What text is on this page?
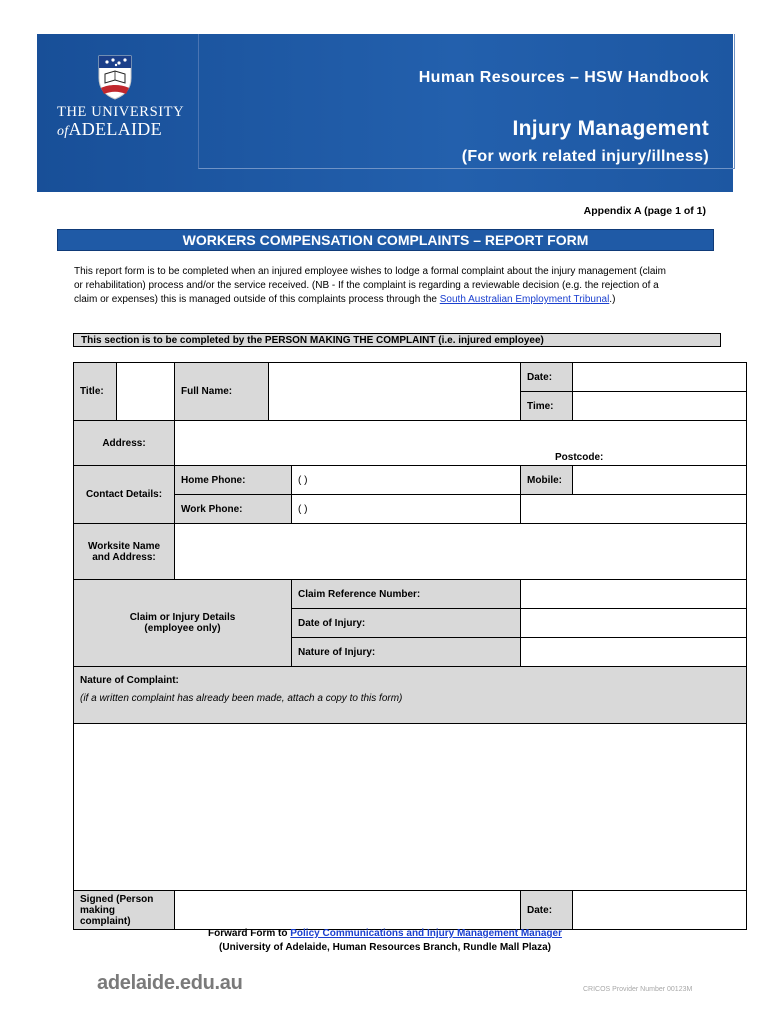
THE UNIVERSITY
ofADELAIDE
Human Resources – HSW Handbook
Injury Management
(For work related injury/illness)
Appendix A (page 1 of 1)
WORKERS COMPENSATION COMPLAINTS – REPORT FORM
This report form is to be completed when an injured employee wishes to lodge a formal complaint about the injury management (claim or rehabilitation) process and/or the service received. (NB - If the complaint is regarding a reviewable decision (e.g. the rejection of a claim or expenses) this is managed outside of this complaints process through the South Australian Employment Tribunal.)
This section is to be completed by the PERSON MAKING THE COMPLAINT (i.e. injured employee)
Title:		Full Name:			Date:	
					Time:	
Address:		Postcode:				
Contact Details:		Home Phone:		( )	Mobile:	
		Work Phone:		( )		
Worksite Name and Address:						

Claim or Injury Details
(employee only)				Claim Reference Number:		
				Date of Injury:		
				Nature of Injury:		

Nature of Complaint:
(if a written complaint has already been made, attach a copy to this form)						

Signed (Person making complaint)					Date:	
Forward Form to Policy Communications and Injury Management Manager
(University of Adelaide, Human Resources Branch, Rundle Mall Plaza)
adelaide.edu.au	CRICOS Provider Number 00123M
